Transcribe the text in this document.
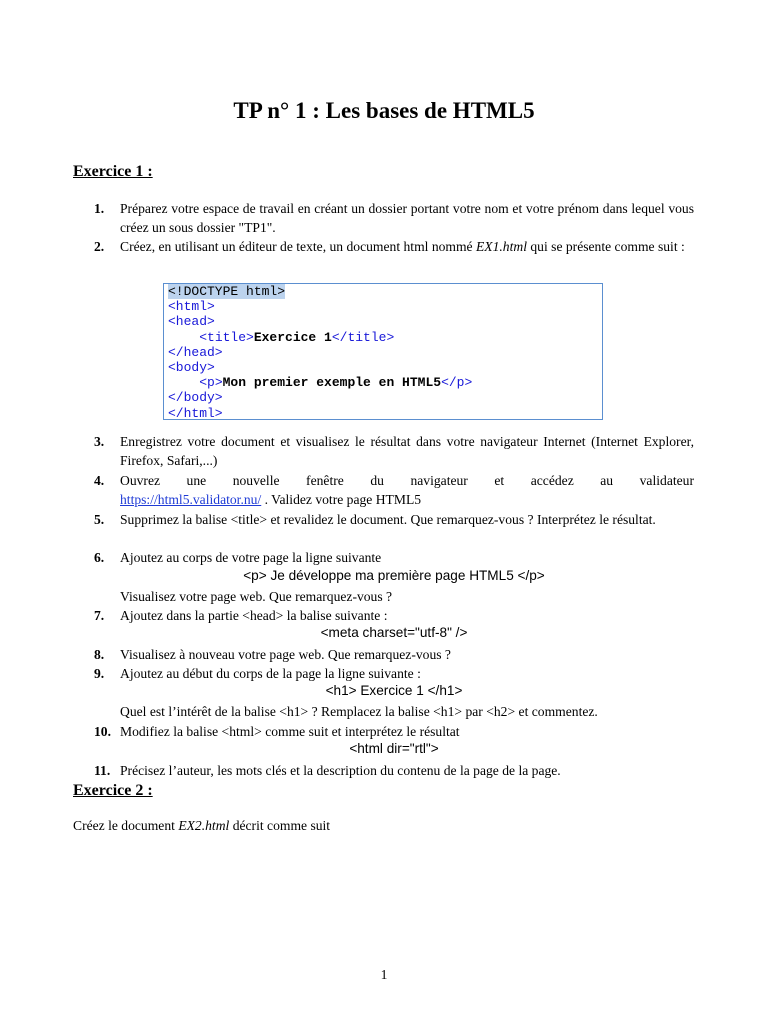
TP n° 1 : Les bases de HTML5
Exercice 1 :
1.	Préparez votre espace de travail en créant un dossier portant votre nom et votre prénom dans lequel vous créez un sous dossier "TP1".
2.	Créez, en utilisant un éditeur de texte, un document html nommé EX1.html qui se présente comme suit :
<!DOCTYPE html>
<html>
<head>
<title>Exercice 1</title>
</head>
<body>
<p>Mon premier exemple en HTML5</p>
</body>
</html>
3.	Enregistrez votre document et visualisez le résultat dans votre navigateur Internet (Internet Explorer, Firefox, Safari,...)
4.	Ouvrez une nouvelle fenêtre du navigateur et accédez au validateur
https://html5.validator.nu/ . Validez votre page HTML5
5.	Supprimez la balise <title> et revalidez le document. Que remarquez-vous ? Interprétez le résultat.
6.	Ajoutez au corps de votre page la ligne suivante
<p> Je développe ma première page HTML5 </p>
Visualisez votre page web. Que remarquez-vous ?
7.	Ajoutez dans la partie <head> la balise suivante :
<meta charset="utf-8" />
8.	Visualisez à nouveau votre page web. Que remarquez-vous ?
9.	Ajoutez au début du corps de la page la ligne suivante :
<h1> Exercice 1 </h1>
Quel est l’intérêt de la balise <h1> ? Remplacez la balise <h1> par <h2> et commentez.
10. Modifiez la balise <html> comme suit et interprétez le résultat
<html dir="rtl">
11. Précisez l’auteur, les mots clés et la description du contenu de la page de la page.
Exercice 2 :
Créez le document EX2.html décrit comme suit
1
